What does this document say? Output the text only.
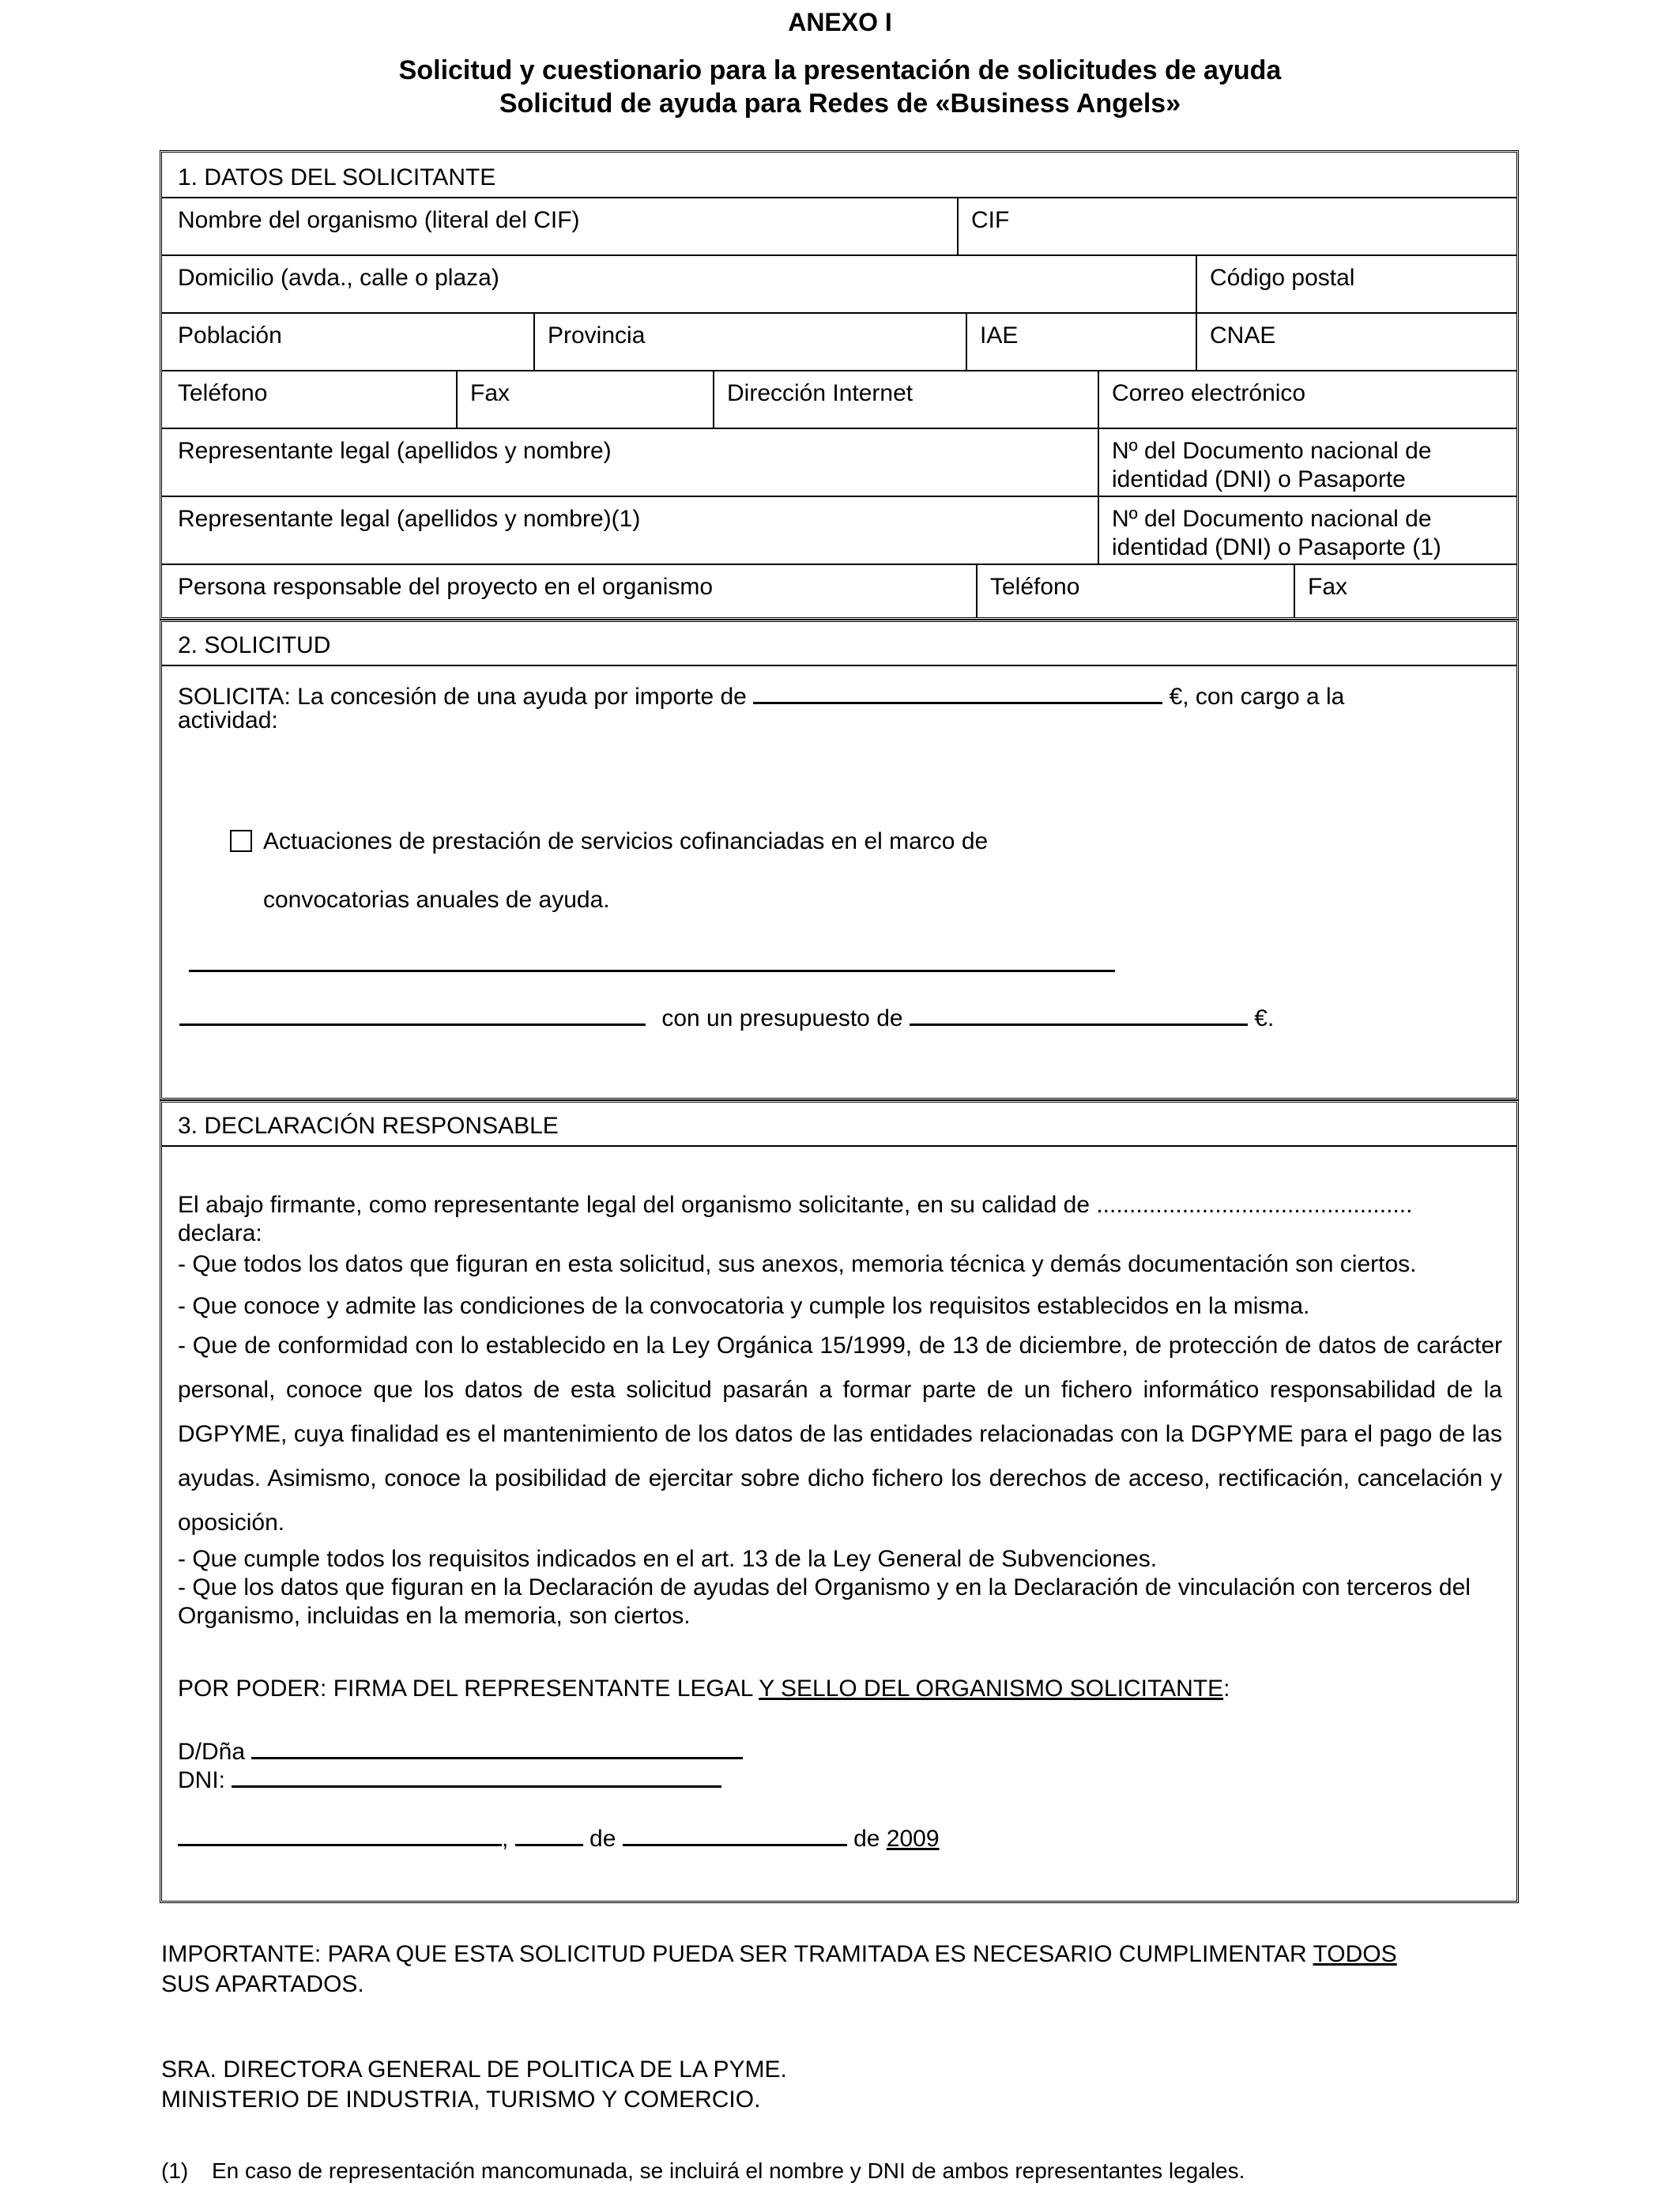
ANEXO I
Solicitud y cuestionario para la presentación de solicitudes de ayuda
Solicitud de ayuda para Redes de «Business Angels»
1. DATOS DEL SOLICITANTE
Nombre del organismo (literal del CIF)	CIF
Domicilio (avda., calle o plaza)	Código postal
Población	Provincia	IAE	CNAE
Teléfono	Fax	Dirección Internet	Correo electrónico
Representante legal (apellidos y nombre)	Nº del Documento nacional de
identidad (DNI) o Pasaporte
Representante legal (apellidos y nombre)(1)	Nº del Documento nacional de
identidad (DNI) o Pasaporte (1)
Persona responsable del proyecto en el organismo	Teléfono	Fax
2. SOLICITUD
SOLICITA: La concesión de una ayuda por importe de	€, con cargo a la
actividad:
Actuaciones de prestación de servicios cofinanciadas en el marco de
convocatorias anuales de ayuda.
con un presupuesto de	€.
3. DECLARACIÓN RESPONSABLE

El abajo firmante, como representante legal del organismo solicitante, en su calidad de ................................................

declara:

- Que todos los datos que figuran en esta solicitud, sus anexos, memoria técnica y demás documentación son ciertos.

- Que conoce y admite las condiciones de la convocatoria y cumple los requisitos establecidos en la misma.

- Que de conformidad con lo establecido en la Ley Orgánica 15/1999, de 13 de diciembre, de protección de datos de carácter personal, conoce que los datos de esta solicitud pasarán a formar parte de un fichero informático responsabilidad de la DGPYME, cuya finalidad es el mantenimiento de los datos de las entidades relacionadas con la DGPYME para el pago de las ayudas. Asimismo, conoce la posibilidad de ejercitar sobre dicho fichero los derechos de acceso, rectificación, cancelación y oposición.

- Que cumple todos los requisitos indicados en el art. 13 de la Ley General de Subvenciones.

- Que los datos que figuran en la Declaración de ayudas del Organismo y en la Declaración de vinculación con terceros del Organismo, incluidas en la memoria, son ciertos.

POR PODER: FIRMA DEL REPRESENTANTE LEGAL Y SELLO DEL ORGANISMO SOLICITANTE:
D/Dña
DNI:
,	de	de 2009
IMPORTANTE: PARA QUE ESTA SOLICITUD PUEDA SER TRAMITADA ES NECESARIO CUMPLIMENTAR TODOS
SUS APARTADOS.
SRA. DIRECTORA GENERAL DE POLITICA DE LA PYME.
MINISTERIO DE INDUSTRIA, TURISMO Y COMERCIO.
(1) En caso de representación mancomunada, se incluirá el nombre y DNI de ambos representantes legales.
